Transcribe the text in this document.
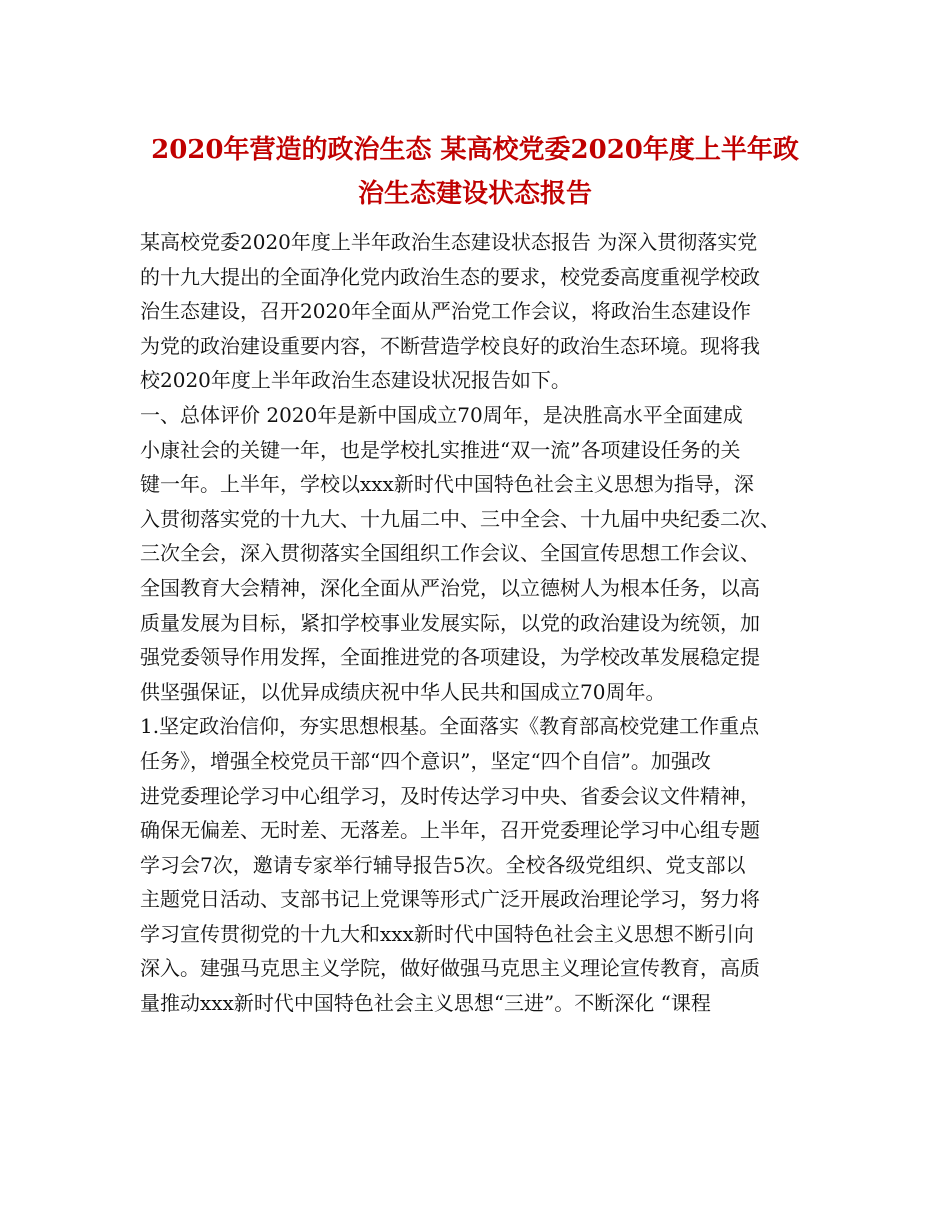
2020年营造的政治生态 某高校党委2020年度上半年政
治生态建设状态报告
某高校党委2020年度上半年政治生态建设状态报告 为深入贯彻落实党
的十九大提出的全面净化党内政治生态的要求，校党委高度重视学校政
治生态建设，召开2020年全面从严治党工作会议，将政治生态建设作
为党的政治建设重要内容，不断营造学校良好的政治生态环境。现将我
校2020年度上半年政治生态建设状况报告如下。
一、总体评价 2020年是新中国成立70周年，是决胜高水平全面建成
小康社会的关键一年，也是学校扎实推进“双一流”各项建设任务的关
键一年。上半年，学校以xxx新时代中国特色社会主义思想为指导，深
入贯彻落实党的十九大、十九届二中、三中全会、十九届中央纪委二次、
三次全会，深入贯彻落实全国组织工作会议、全国宣传思想工作会议、
全国教育大会精神，深化全面从严治党，以立德树人为根本任务，以高
质量发展为目标，紧扣学校事业发展实际，以党的政治建设为统领，加
强党委领导作用发挥，全面推进党的各项建设，为学校改革发展稳定提
供坚强保证，以优异成绩庆祝中华人民共和国成立70周年。
1.坚定政治信仰，夯实思想根基。全面落实《教育部高校党建工作重点
任务》，增强全校党员干部“四个意识”，坚定“四个自信”。加强改
进党委理论学习中心组学习，及时传达学习中央、省委会议文件精神，
确保无偏差、无时差、无落差。上半年，召开党委理论学习中心组专题
学习会7次，邀请专家举行辅导报告5次。全校各级党组织、党支部以
主题党日活动、支部书记上党课等形式广泛开展政治理论学习，努力将
学习宣传贯彻党的十九大和xxx新时代中国特色社会主义思想不断引向
深入。建强马克思主义学院，做好做强马克思主义理论宣传教育，高质
量推动xxx新时代中国特色社会主义思想“三进”。不断深化 “课程
